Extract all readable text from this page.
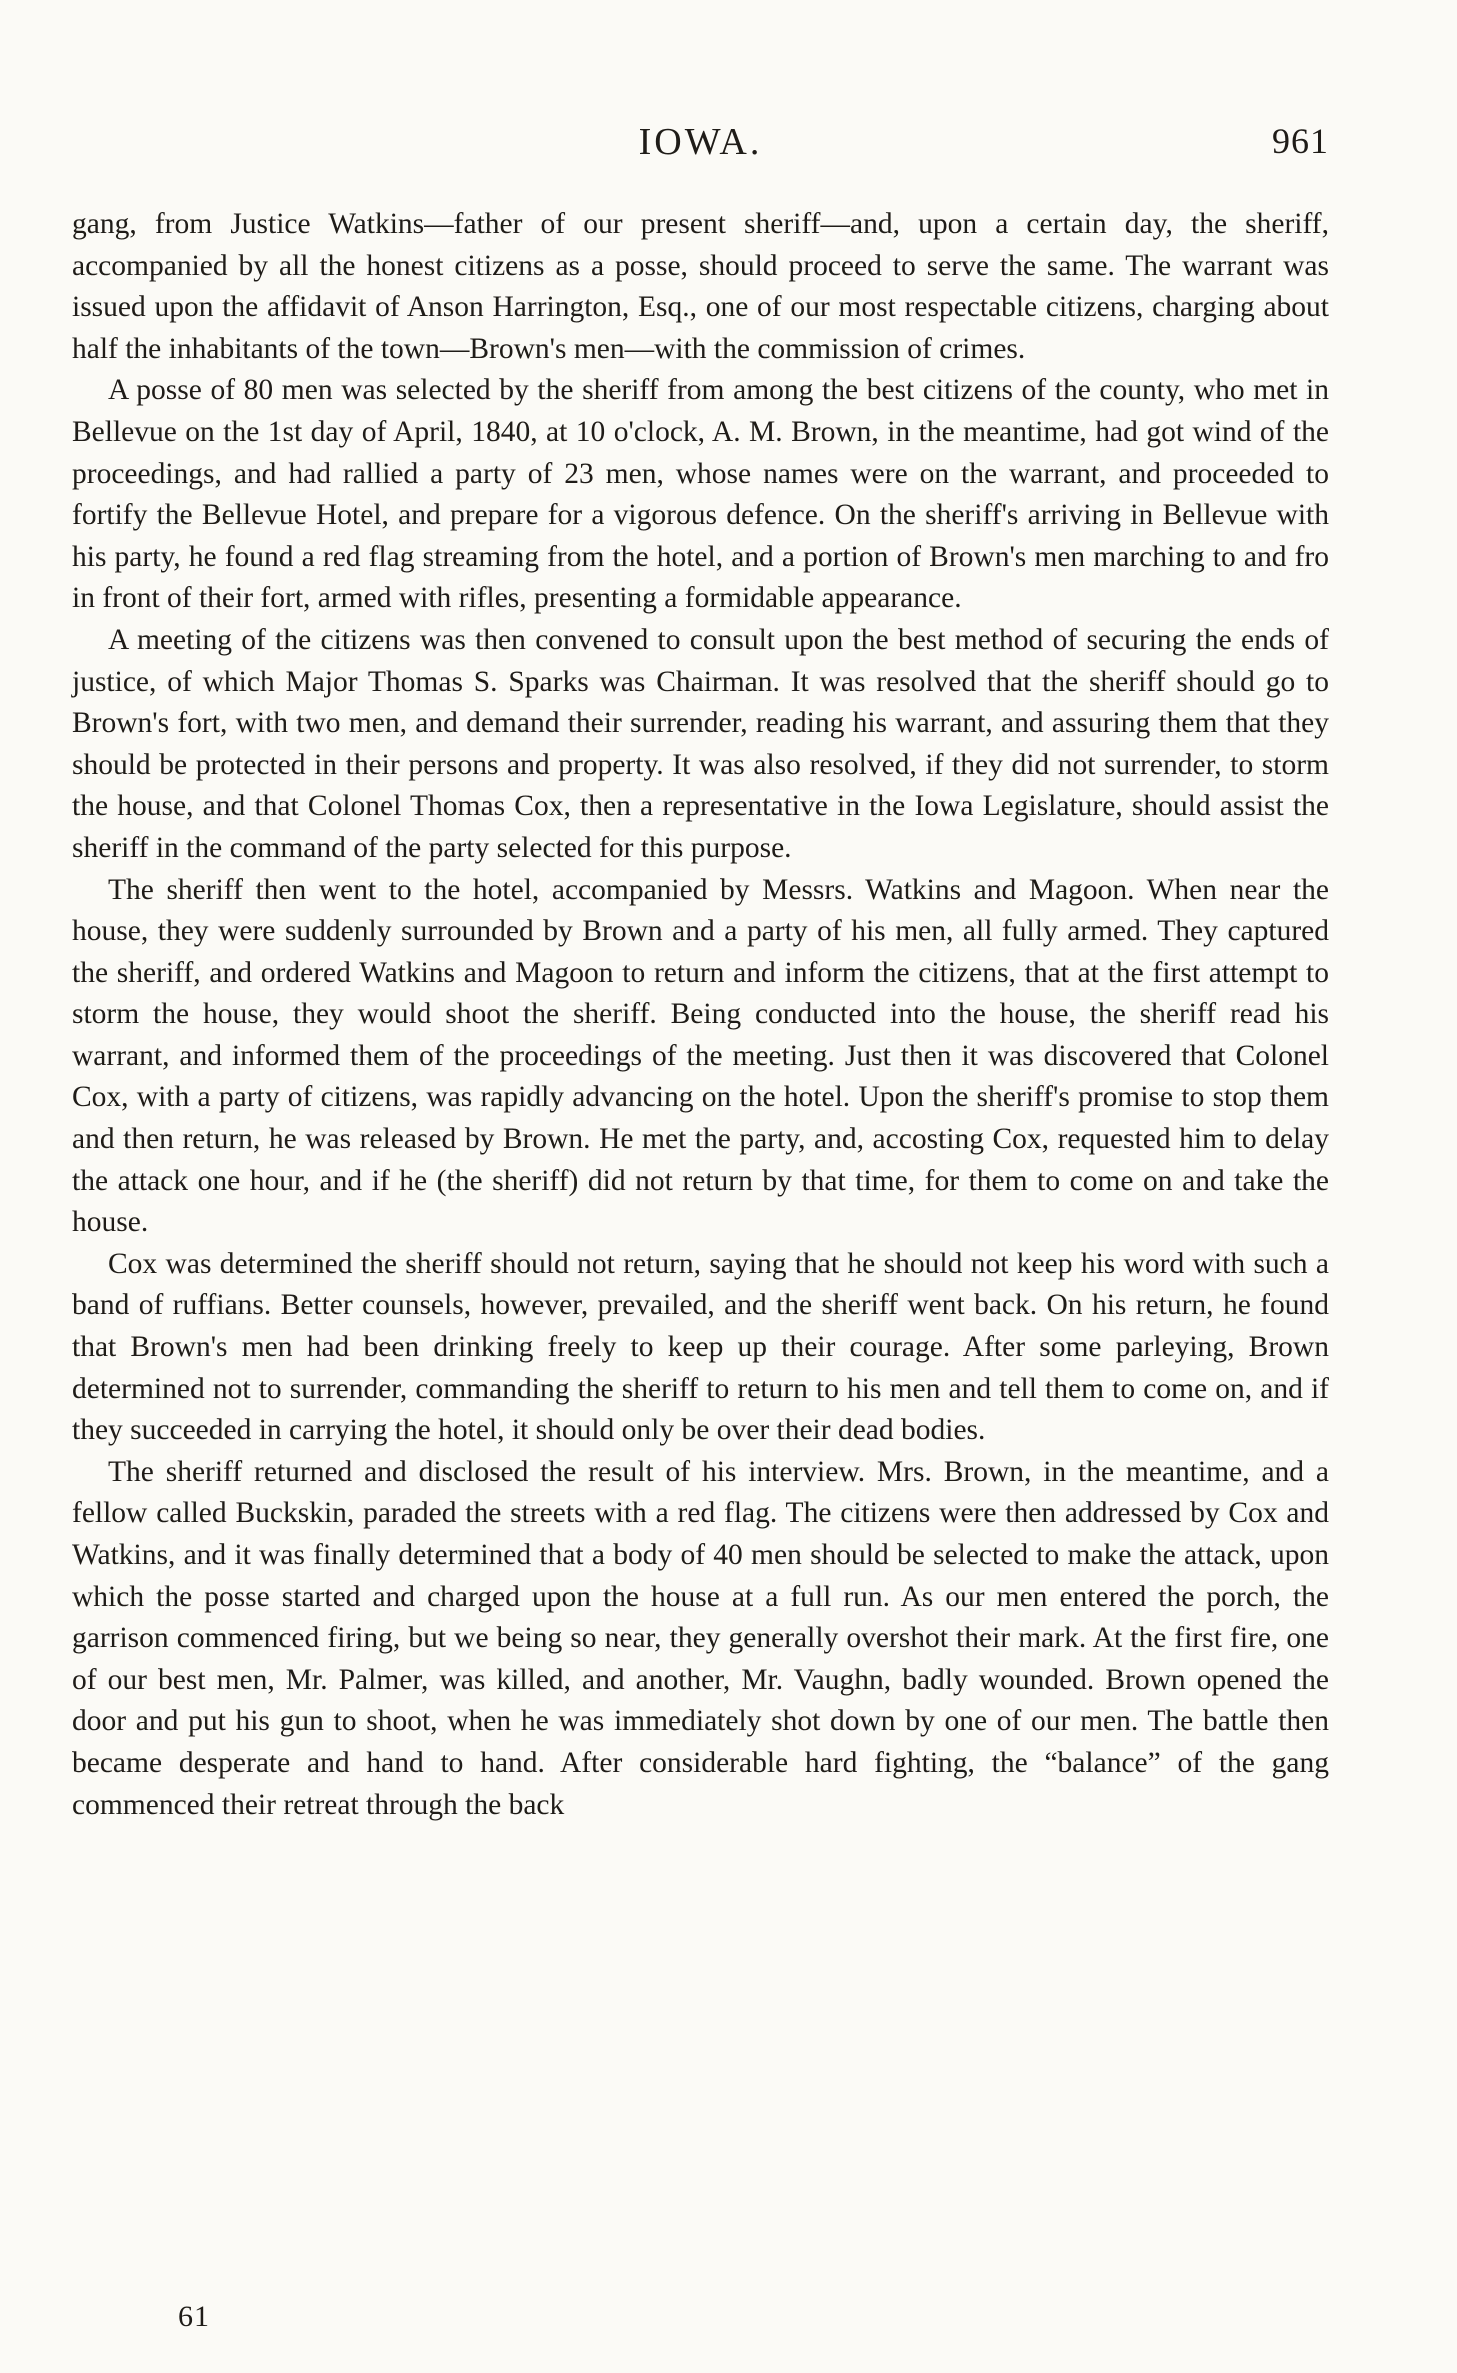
IOWA.	961

gang, from Justice Watkins—father of our present sheriff—and, upon a certain day, the sheriff, accompanied by all the honest citizens as a posse, should proceed to serve the same. The warrant was issued upon the affidavit of Anson Harrington, Esq., one of our most respectable citizens, charging about half the inhabitants of the town—Brown's men—with the commission of crimes.

A posse of 80 men was selected by the sheriff from among the best citizens of the county, who met in Bellevue on the 1st day of April, 1840, at 10 o'clock, A. M. Brown, in the meantime, had got wind of the proceedings, and had rallied a party of 23 men, whose names were on the warrant, and proceeded to fortify the Bellevue Hotel, and prepare for a vigorous defence. On the sheriff's arriving in Bellevue with his party, he found a red flag streaming from the hotel, and a portion of Brown's men marching to and fro in front of their fort, armed with rifles, presenting a formidable appearance.

A meeting of the citizens was then convened to consult upon the best method of securing the ends of justice, of which Major Thomas S. Sparks was Chairman. It was resolved that the sheriff should go to Brown's fort, with two men, and demand their surrender, reading his warrant, and assuring them that they should be protected in their persons and property. It was also resolved, if they did not surrender, to storm the house, and that Colonel Thomas Cox, then a representative in the Iowa Legislature, should assist the sheriff in the command of the party selected for this purpose.

The sheriff then went to the hotel, accompanied by Messrs. Watkins and Magoon. When near the house, they were suddenly surrounded by Brown and a party of his men, all fully armed. They captured the sheriff, and ordered Watkins and Magoon to return and inform the citizens, that at the first attempt to storm the house, they would shoot the sheriff. Being conducted into the house, the sheriff read his warrant, and informed them of the proceedings of the meeting. Just then it was discovered that Colonel Cox, with a party of citizens, was rapidly advancing on the hotel. Upon the sheriff's promise to stop them and then return, he was released by Brown. He met the party, and, accosting Cox, requested him to delay the attack one hour, and if he (the sheriff) did not return by that time, for them to come on and take the house.

Cox was determined the sheriff should not return, saying that he should not keep his word with such a band of ruffians. Better counsels, however, prevailed, and the sheriff went back. On his return, he found that Brown's men had been drinking freely to keep up their courage. After some parleying, Brown determined not to surrender, commanding the sheriff to return to his men and tell them to come on, and if they succeeded in carrying the hotel, it should only be over their dead bodies.

The sheriff returned and disclosed the result of his interview. Mrs. Brown, in the meantime, and a fellow called Buckskin, paraded the streets with a red flag. The citizens were then addressed by Cox and Watkins, and it was finally determined that a body of 40 men should be selected to make the attack, upon which the posse started and charged upon the house at a full run. As our men entered the porch, the garrison commenced firing, but we being so near, they generally overshot their mark. At the first fire, one of our best men, Mr. Palmer, was killed, and another, Mr. Vaughn, badly wounded. Brown opened the door and put his gun to shoot, when he was immediately shot down by one of our men. The battle then became desperate and hand to hand. After considerable hard fighting, the “balance” of the gang commenced their retreat through the back

61
